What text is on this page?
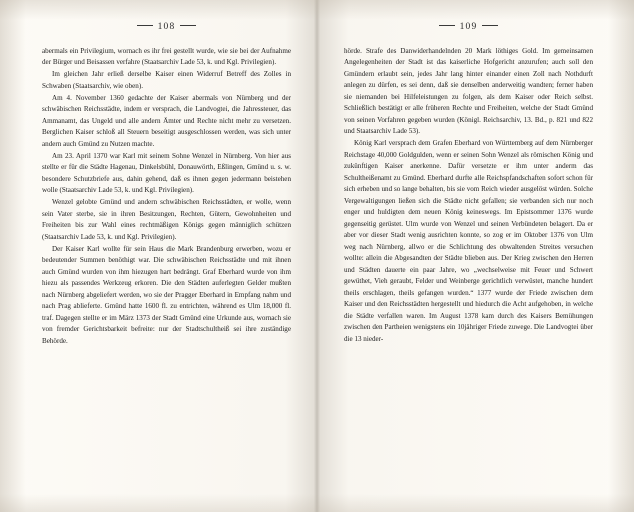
108

abermals ein Privilegium, wornach es ihr frei gestellt wurde, wie sie bei der Aufnahme der Bürger und Beisassen verfahre (Staatsarchiv Lade 53, k. und Kgl. Privilegien).

Im gleichen Jahr erließ derselbe Kaiser einen Widerruf Betreff des Zolles in Schwaben (Staatsarchiv, wie oben).

Am 4. November 1360 gedachte der Kaiser abermals von Nürnberg und der schwäbischen Reichsstädte, indem er versprach, die Landvogtei, die Jahressteuer, das Ammanamt, das Ungeld und alle andern Ämter und Rechte nicht mehr zu versetzen. Berglichen Kaiser schloß all Steuern beseitigt ausgeschlossen werden, was sich unter andern auch Gmünd zu Nutzen machte.

Am 23. April 1370 war Karl mit seinem Sohne Wenzel in Nürnberg. Von hier aus stellte er für die Städte Hagenau, Dinkelsbühl, Donauwörth, Eßlingen, Gmünd u. s. w. besondere Schutzbriefe aus, dahin gehend, daß es ihnen gegen jedermann beistehen wolle (Staatsarchiv Lade 53, k. und Kgl. Privilegien).

Wenzel gelobte Gmünd und andern schwäbischen Reichsstädten, er wolle, wenn sein Vater sterbe, sie in ihren Besitzungen, Rechten, Gütern, Gewohnheiten und Freiheiten bis zur Wahl eines rechtmäßigen Königs gegen männiglich schützen (Staatsarchiv Lade 53, k. und Kgl. Privilegien).

Der Kaiser Karl wollte für sein Haus die Mark Brandenburg erwerben, wozu er bedeutender Summen benöthigt war. Die schwäbischen Reichsstädte und mit ihnen auch Gmünd wurden von ihm hiezugen hart bedrängt. Graf Eberhard wurde von ihm hiezu als passendes Werkzeug erkoren. Die den Städten auferlegten Gelder mußten nach Nürnberg abgeliefert werden, wo sie der Pragger Eberhard in Empfang nahm und nach Prag ablieferte. Gmünd hatte 1600 fl. zu entrichten, während es Ulm 18,000 fl. traf. Dagegen stellte er im März 1373 der Stadt Gmünd eine Urkunde aus, wornach sie von fremder Gerichtsbarkeit befreite: nur der Stadtschultheiß sei ihre zuständige Behörde.

109

hörde. Strafe des Danwiderhandelnden 20 Mark löthiges Gold. Im gemeinsamen Angelegenheiten der Stadt ist das kaiserliche Hofgericht anzurufen; auch soll den Gmündern erlaubt sein, jedes Jahr lang hinter einander einen Zoll nach Nothdurft anlegen zu dürfen, es sei denn, daß sie denselben anderweitig wandten; ferner haben sie niemanden bei Hilfeleistungen zu folgen, als dem Kaiser oder Reich selbst. Schließlich bestätigt er alle früheren Rechte und Freiheiten, welche der Stadt Gmünd von seinen Vorfahren gegeben wurden (Königl. Reichsarchiv, 13. Bd., p. 821 und 822 und Staatsarchiv Lade 53).

König Karl versprach dem Grafen Eberhard von Württemberg auf dem Nürnberger Reichstage 40,000 Goldgulden, wenn er seinen Sohn Wenzel als römischen König und zukünftigen Kaiser anerkenne. Dafür versetzte er ihm unter anderm das Schultheißenamt zu Gmünd. Eberhard durfte alle Reichspfandschaften sofort schon für sich erheben und so lange behalten, bis sie vom Reich wieder ausgelöst würden. Solche Vergewaltigungen ließen sich die Städte nicht gefallen; sie verbanden sich nur noch enger und huldigten dem neuen König keineswegs. Im Epistsommer 1376 wurde gegenseitig gerüstet. Ulm wurde von Wenzel und seinen Verbündeten belagert. Da er aber vor dieser Stadt wenig ausrichten konnte, so zog er im Oktober 1376 von Ulm weg nach Nürnberg, allwo er die Schlichtung des obwaltenden Streites versuchen wollte: allein die Abgesandten der Städte blieben aus. Der Krieg zwischen den Herren und Städten dauerte ein paar Jahre, wo „wechselweise mit Feuer und Schwert gewüthet, Vieh geraubt, Felder und Weinberge gerichtlich verwüstet, manche hundert theils erschlagen, theils gefangen wurden.“ 1377 wurde der Friede zwischen dem Kaiser und den Reichsstädten hergestellt und hiedurch die Acht aufgehoben, in welche die Städte verfallen waren. Im August 1378 kam durch des Kaisers Bemühungen zwischen den Partheien wenigstens ein 10jähriger Friede zuwege. Die Landvogtei über die 13 nieder-
